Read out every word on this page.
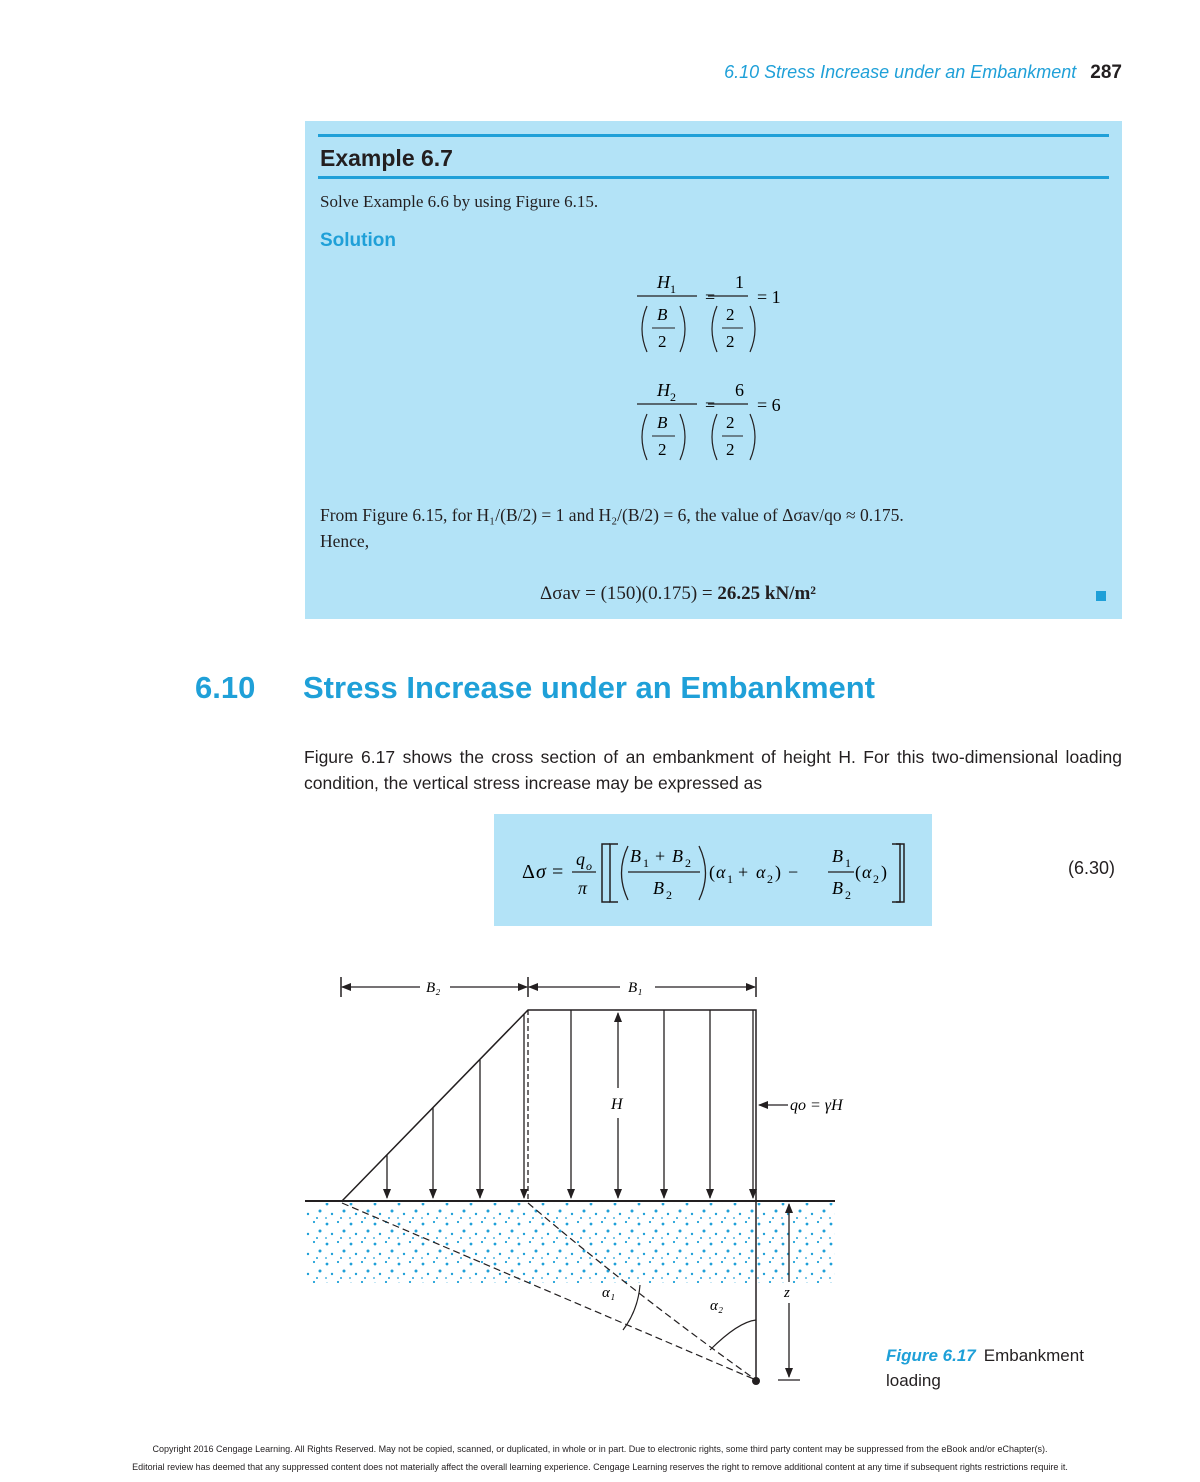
6.10 Stress Increase under an Embankment 287
Example 6.7
Solve Example 6.6 by using Figure 6.15.
Solution
H 1
B
2
=
1
2
2
= 1
H 2
B
2
=
6
2
2
= 6
From Figure 6.15, for H₁/(B/2) = 1 and H₂/(B/2) = 6, the value of Δσav/qo ≈ 0.175.
Hence,
Δσav = (150)(0.175) = 26.25 kN/m²
6.10 Stress Increase under an Embankment
Figure 6.17 shows the cross section of an embankment of height H. For this two-dimensional loading condition, the vertical stress increase may be expressed as
Δ σ =
q o
π
B 1 + B 2
B 2
( α 1 + α 2 ) −
B 1
B 2
( α 2 )	(6.30)
B₂	B₁
H	qo = γH
α₁
α₂
z
Figure 6.17 Embankment loading
Copyright 2016 Cengage Learning. All Rights Reserved. May not be copied, scanned, or duplicated, in whole or in part. Due to electronic rights, some third party content may be suppressed from the eBook and/or eChapter(s).
Editorial review has deemed that any suppressed content does not materially affect the overall learning experience. Cengage Learning reserves the right to remove additional content at any time if subsequent rights restrictions require it.
